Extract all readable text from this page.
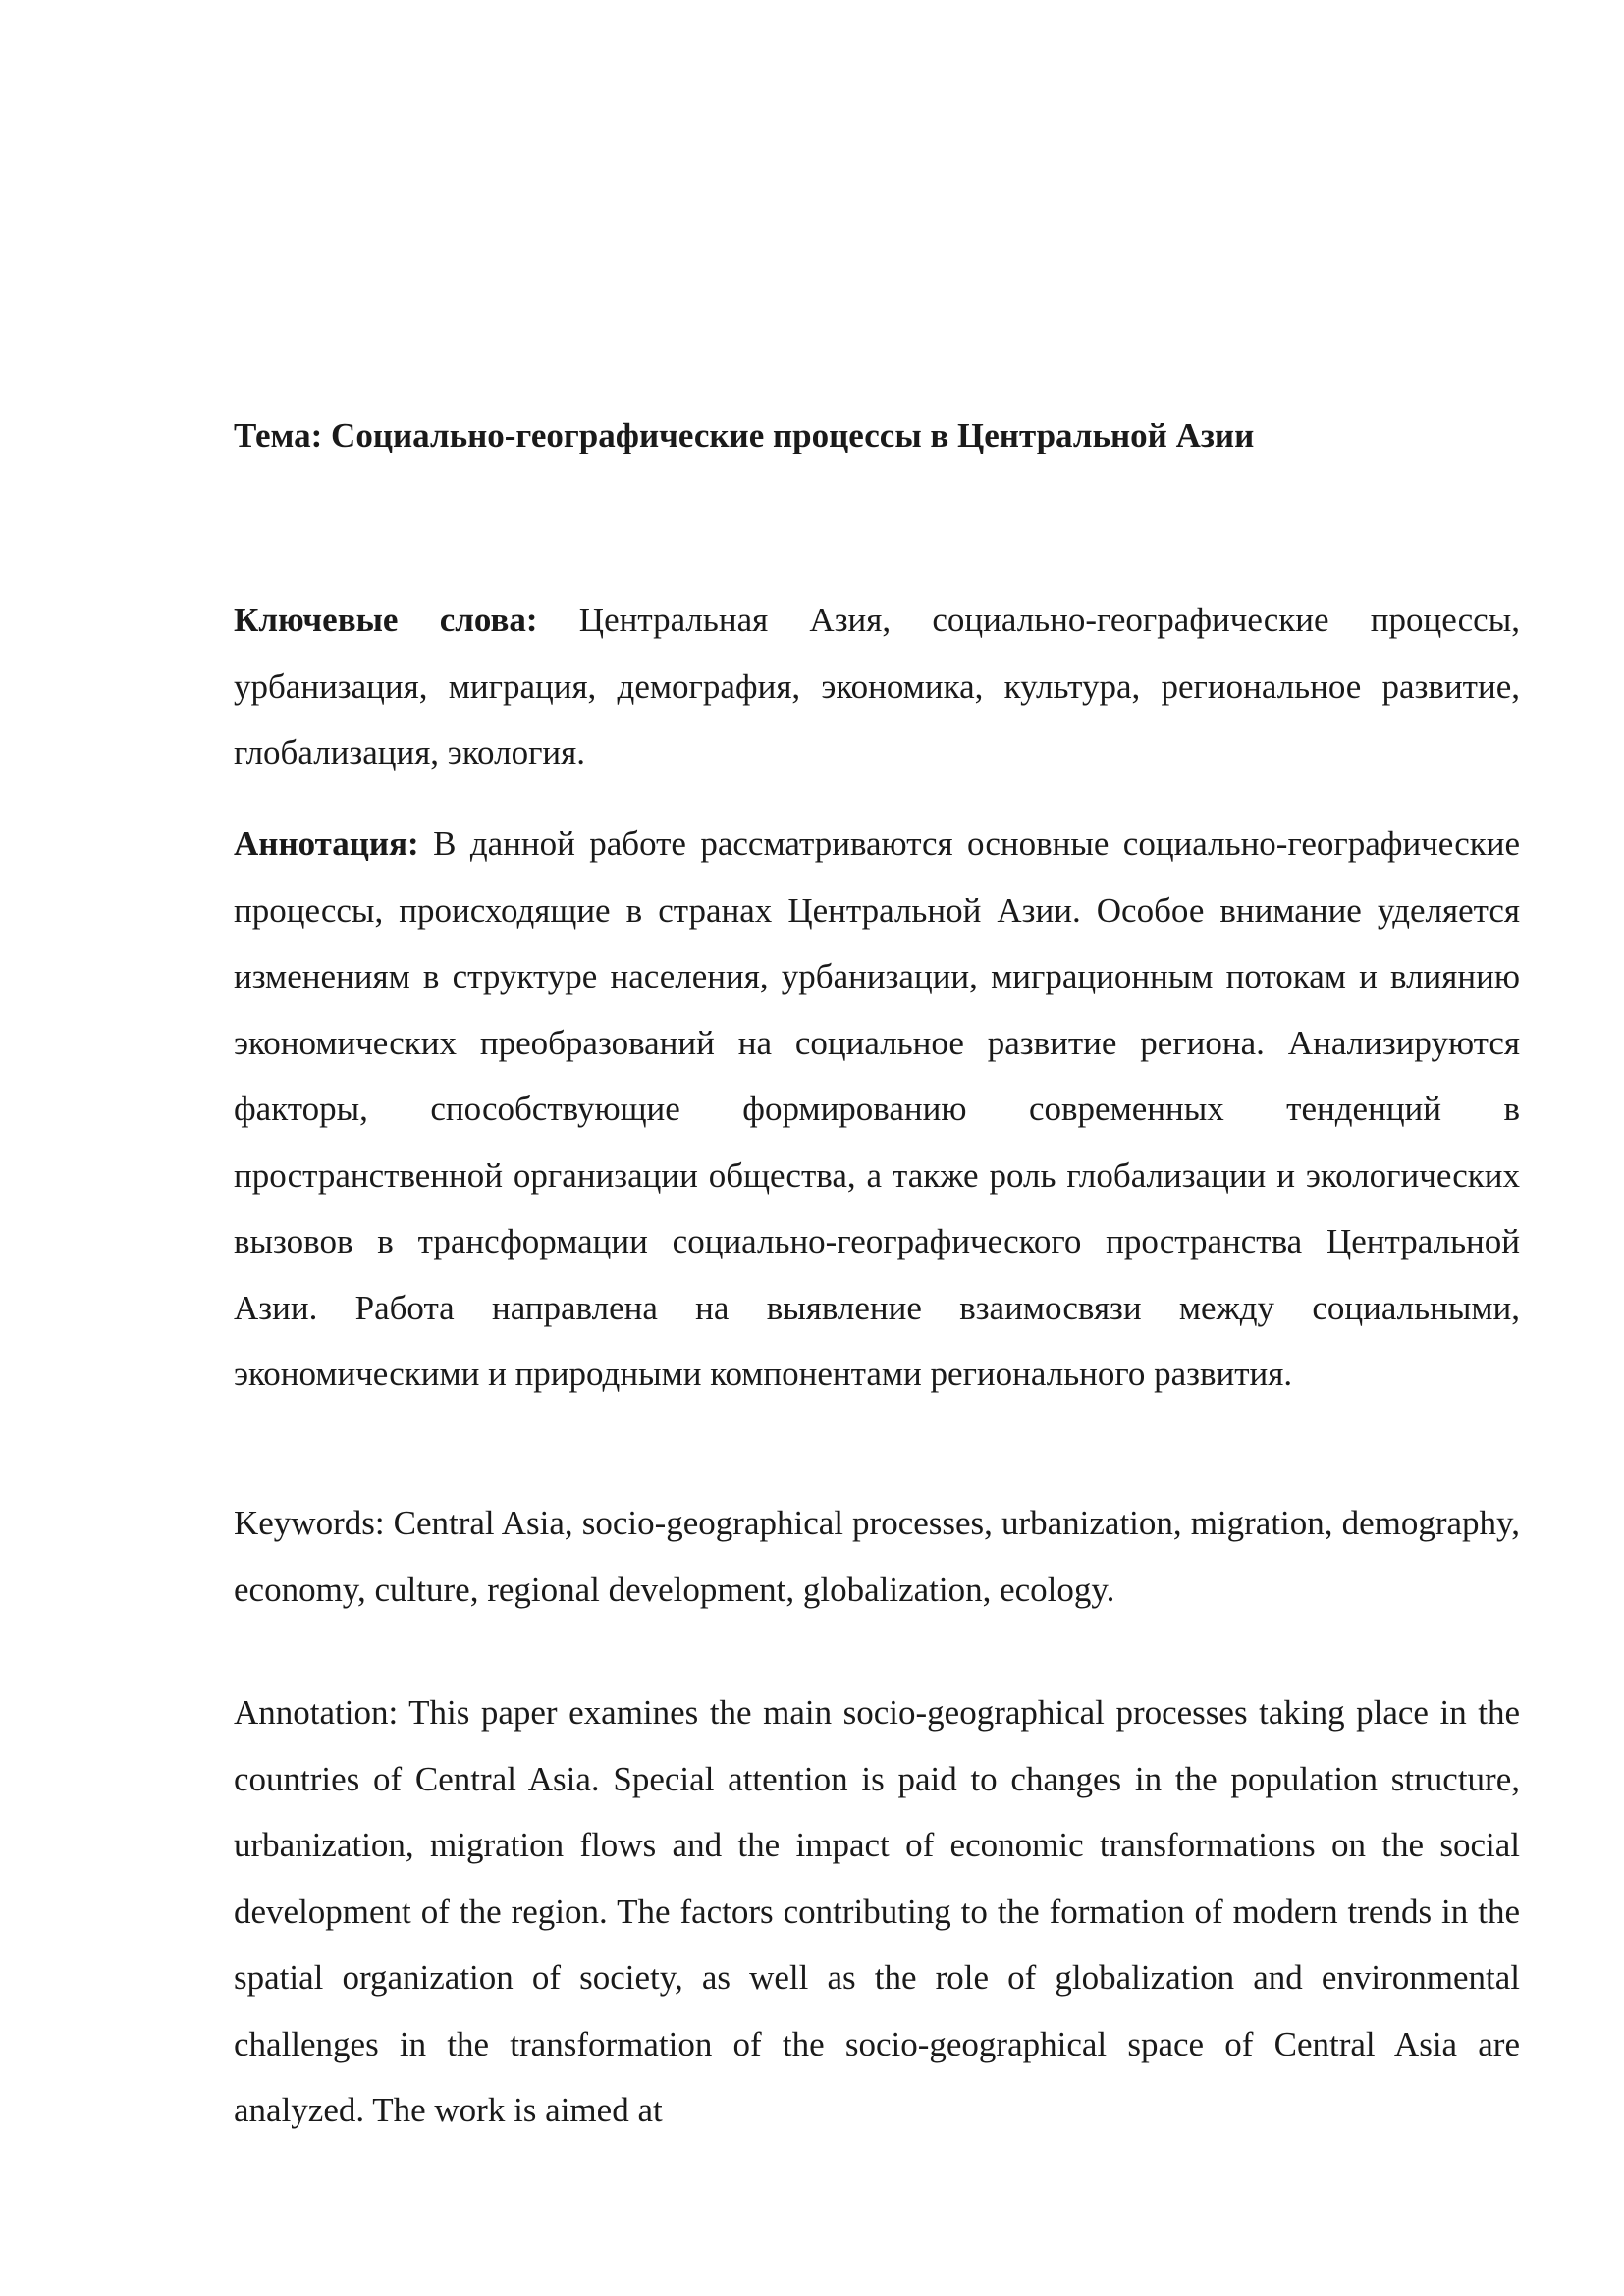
Тема: Социально-географические процессы в Центральной Азии

Ключевые слова: Центральная Азия, социально-географические процессы, урбанизация, миграция, демография, экономика, культура, региональное развитие, глобализация, экология.

Аннотация: В данной работе рассматриваются основные социально-географические процессы, происходящие в странах Центральной Азии. Особое внимание уделяется изменениям в структуре населения, урбанизации, миграционным потокам и влиянию экономических преобразований на социальное развитие региона. Анализируются факторы, способствующие формированию современных тенденций в пространственной организации общества, а также роль глобализации и экологических вызовов в трансформации социально-географического пространства Центральной Азии. Работа направлена на выявление взаимосвязи между социальными, экономическими и природными компонентами регионального развития.

Keywords: Central Asia, socio-geographical processes, urbanization, migration, demography, economy, culture, regional development, globalization, ecology.

Annotation: This paper examines the main socio-geographical processes taking place in the countries of Central Asia. Special attention is paid to changes in the population structure, urbanization, migration flows and the impact of economic transformations on the social development of the region. The factors contributing to the formation of modern trends in the spatial organization of society, as well as the role of globalization and environmental challenges in the transformation of the socio-geographical space of Central Asia are analyzed. The work is aimed at
